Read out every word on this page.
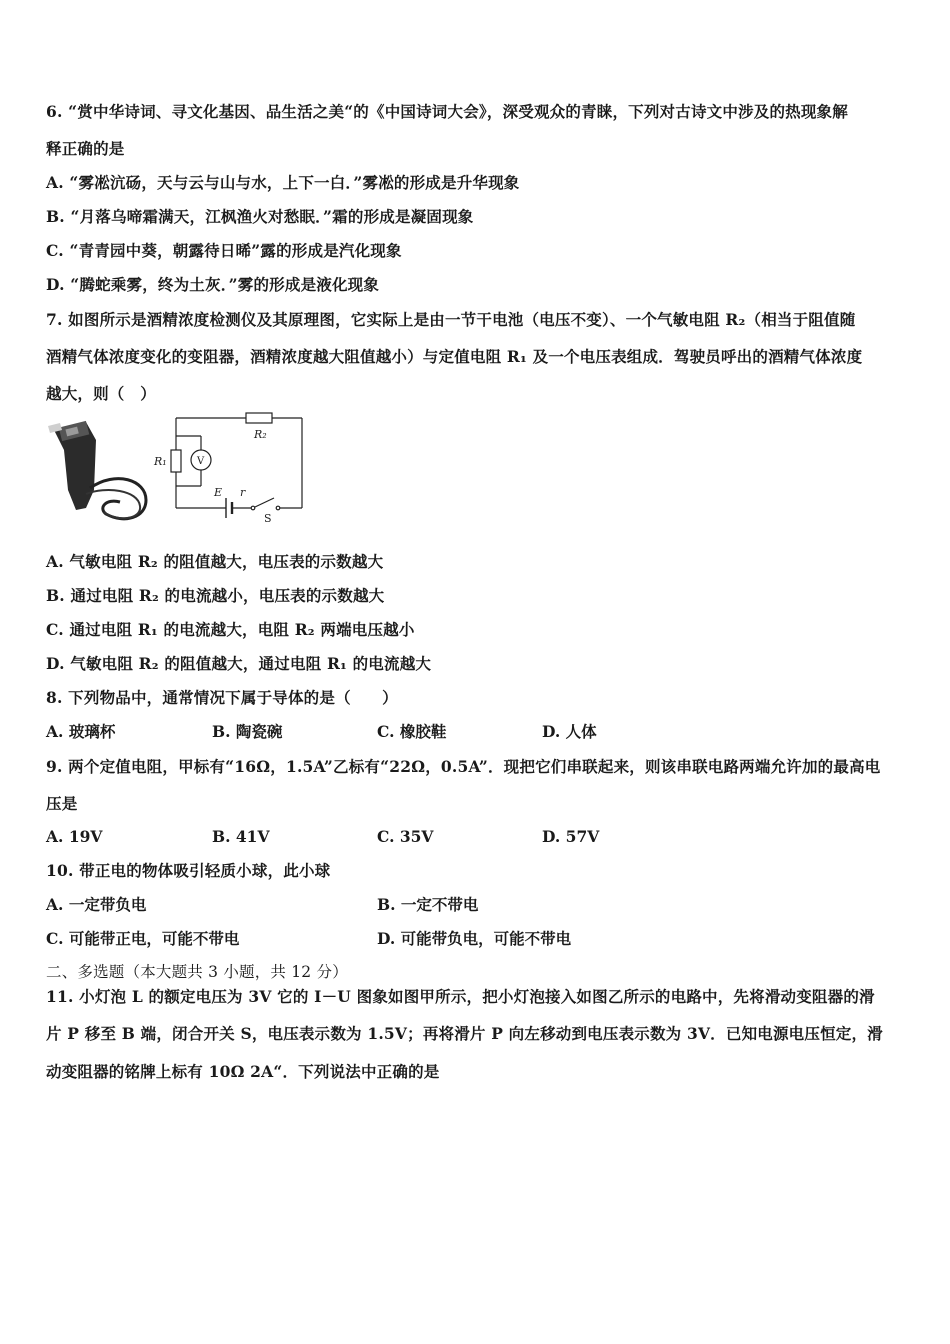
6. “赏中华诗词、寻文化基因、品生活之美“的《中国诗词大会》，深受观众的青睐，下列对古诗文中涉及的热现象解
释正确的是
A. “雾凇沆砀，天与云与山与水，上下一白．”雾凇的形成是升华现象
B. “月落乌啼霜满天，江枫渔火对愁眠．”霜的形成是凝固现象
C. “青青园中葵，朝露待日晞”露的形成是汽化现象
D. “腾蛇乘雾，终为土灰．”雾的形成是液化现象
7. 如图所示是酒精浓度检测仪及其原理图，它实际上是由一节干电池（电压不变）、一个气敏电阻 R₂（相当于阻值随
酒精气体浓度变化的变阻器，酒精浓度越大阻值越小）与定值电阻 R₁ 及一个电压表组成．驾驶员呼出的酒精气体浓度
越大，则（　）
R₂
R₁	V
E r
S
A. 气敏电阻 R₂ 的阻值越大，电压表的示数越大
B. 通过电阻 R₂ 的电流越小，电压表的示数越大
C. 通过电阻 R₁ 的电流越大，电阻 R₂ 两端电压越小
D. 气敏电阻 R₂ 的阻值越大，通过电阻 R₁ 的电流越大
8. 下列物品中，通常情况下属于导体的是（　　）
A. 玻璃杯	B. 陶瓷碗	C. 橡胶鞋	D. 人体
9. 两个定值电阻，甲标有“16Ω，1.5A”乙标有“22Ω，0.5A”．现把它们串联起来，则该串联电路两端允许加的最高电
压是
A. 19V	B. 41V	C. 35V	D. 57V
10. 带正电的物体吸引轻质小球，此小球
A. 一定带负电	B. 一定不带电
C. 可能带正电，可能不带电	D. 可能带负电，可能不带电
二、多选题（本大题共 3 小题，共 12 分）
11. 小灯泡 L 的额定电压为 3V 它的 I－U 图象如图甲所示，把小灯泡接入如图乙所示的电路中，先将滑动变阻器的滑
片 P 移至 B 端，闭合开关 S，电压表示数为 1.5V；再将滑片 P 向左移动到电压表示数为 3V．已知电源电压恒定，滑
动变阻器的铭牌上标有 10Ω 2A“．下列说法中正确的是
